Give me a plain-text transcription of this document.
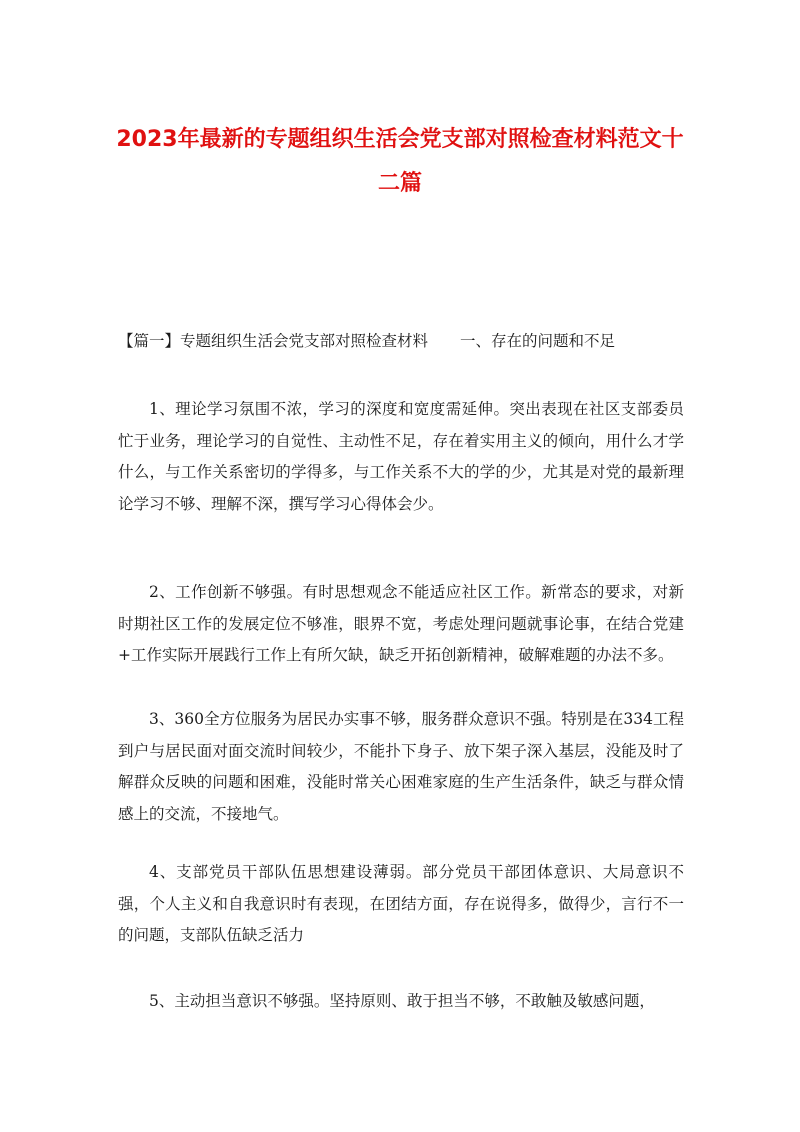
2023年最新的专题组织生活会党支部对照检查材料范文十二篇

【篇一】专题组织生活会党支部对照检查材料 一、存在的问题和不足

1、理论学习氛围不浓，学习的深度和宽度需延伸。突出表现在社区支部委员忙于业务，理论学习的自觉性、主动性不足，存在着实用主义的倾向，用什么才学什么，与工作关系密切的学得多，与工作关系不大的学的少，尤其是对党的最新理论学习不够、理解不深，撰写学习心得体会少。

2、工作创新不够强。有时思想观念不能适应社区工作。新常态的要求，对新时期社区工作的发展定位不够准，眼界不宽，考虑处理问题就事论事，在结合党建+工作实际开展践行工作上有所欠缺，缺乏开拓创新精神，破解难题的办法不多。

3、360全方位服务为居民办实事不够，服务群众意识不强。特别是在334工程到户与居民面对面交流时间较少，不能扑下身子、放下架子深入基层，没能及时了解群众反映的问题和困难，没能时常关心困难家庭的生产生活条件，缺乏与群众情感上的交流，不接地气。

4、支部党员干部队伍思想建设薄弱。部分党员干部团体意识、大局意识不强，个人主义和自我意识时有表现，在团结方面，存在说得多，做得少，言行不一的问题，支部队伍缺乏活力

5、主动担当意识不够强。坚持原则、敢于担当不够，不敢触及敏感问题，
